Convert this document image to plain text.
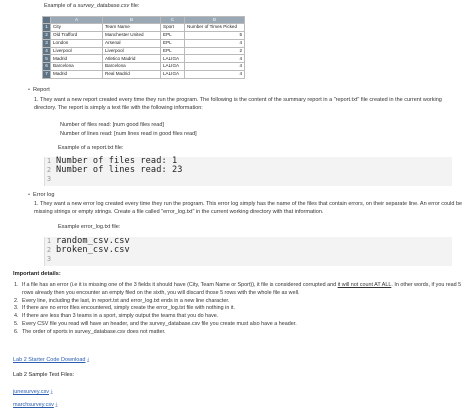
Example of a survey_database.csv file:
	A	B	C	D
1	City	Team Name	Sport	Number of Times Picked
2	Old Trafford	Manchester United	EPL	5
3	London	Arsenal	EPL	4
4	Liverpool	Liverpool	EPL	2
5	Madrid	Atletico Madrid	LALIGA	4
6	Barcelona	Barcelona	LALIGA	4
7	Madrid	Real Madrid	LALIGA	4
• Report
1. They want a new report created every time they run the program. The following is the content of the summary report in a "report.txt" file created in the current working directory. The report is simply a text file with the following information:
Number of files read: [num good files read]
Number of lines read: [num lines read in good files read]
Example of a report.txt file:
1 Number of files read: 1
2 Number of lines read: 23
3
• Error log
1. They want a new error log created every time they run the program. This error log simply has the name of the files that contain errors, on their separate line. An error could be missing strings or empty strings. Create a file called "error_log.txt" in the current working directory with that information.
Example error_log.txt file:
1 random_csv.csv
2 broken_csv.csv
3
Important details:
1. If a file has an error (i.e it is missing one of the 3 fields it should have (City, Team Name or Sport)), it file is considered corrupted and it will not count AT ALL. In other words, if you read 5 rows already then you encounter an empty filed on the sixth, you will discard those 5 rows with the whole file as well.
2. Every line, including the last, in report.txt and error_log.txt ends in a new line character.
3. If there are no error files encountered, simply create the error_log.txt file with nothing in it.
4. If there are less than 3 teams in a sport, simply output the teams that you do have.
5. Every CSV file you read will have an header, and the survey_database.csv file you create must also have a header.
6. The order of sports in survey_database.csv does not matter.
Lab 2 Starter Code Download ⤓
Lab 2 Sample Test Files:
junesurvey.csv ⤓
marchsurvey.csv ⤓
